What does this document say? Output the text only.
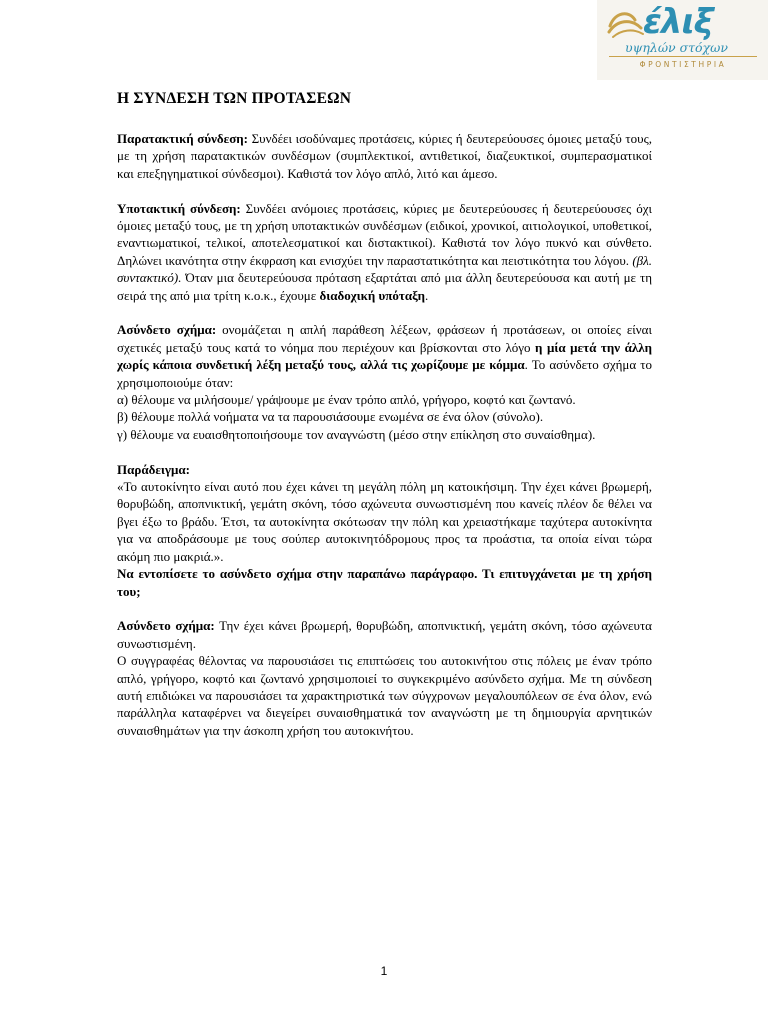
έλιξ
υψηλών στόχων
ΦΡΟΝΤΙΣΤΗΡΙΑ
Η ΣΥΝΔΕΣΗ ΤΩΝ ΠΡΟΤΑΣΕΩΝ

Παρατακτική σύνδεση: Συνδέει ισοδύναμες προτάσεις, κύριες ή δευτερεύουσες όμοιες μεταξύ τους, με τη χρήση παρατακτικών συνδέσμων (συμπλεκτικοί, αντιθετικοί, διαζευκτικοί, συμπερασματικοί και επεξηγηματικοί σύνδεσμοι). Καθιστά τον λόγο απλό, λιτό και άμεσο.

Υποτακτική σύνδεση: Συνδέει ανόμοιες προτάσεις, κύριες με δευτερεύουσες ή δευτερεύουσες όχι όμοιες μεταξύ τους, με τη χρήση υποτακτικών συνδέσμων (ειδικοί, χρονικοί, αιτιολογικοί, υποθετικοί, εναντιωματικοί, τελικοί, αποτελεσματικοί και διστακτικοί). Καθιστά τον λόγο πυκνό και σύνθετο. Δηλώνει ικανότητα στην έκφραση και ενισχύει την παραστατικότητα και πειστικότητα του λόγου. (βλ. συντακτικό). Όταν μια δευτερεύουσα πρόταση εξαρτάται από μια άλλη δευτερεύουσα και αυτή με τη σειρά της από μια τρίτη κ.ο.κ., έχουμε διαδοχική υπόταξη.

Ασύνδετο σχήμα: ονομάζεται η απλή παράθεση λέξεων, φράσεων ή προτάσεων, οι οποίες είναι σχετικές μεταξύ τους κατά το νόημα που περιέχουν και βρίσκονται στο λόγο η μία μετά την άλλη χωρίς κάποια συνδετική λέξη μεταξύ τους, αλλά τις χωρίζουμε με κόμμα. Το ασύνδετο σχήμα το χρησιμοποιούμε όταν:

α) θέλουμε να μιλήσουμε/ γράψουμε με έναν τρόπο απλό, γρήγορο, κοφτό και ζωντανό.

β) θέλουμε πολλά νοήματα να τα παρουσιάσουμε ενωμένα σε ένα όλον (σύνολο).

γ) θέλουμε να ευαισθητοποιήσουμε τον αναγνώστη (μέσο στην επίκληση στο συναίσθημα).

Παράδειγμα:

«Το αυτοκίνητο είναι αυτό που έχει κάνει τη μεγάλη πόλη μη κατοικήσιμη. Την έχει κάνει βρωμερή, θορυβώδη, αποπνικτική, γεμάτη σκόνη, τόσο αχώνευτα συνωστισμένη που κανείς πλέον δε θέλει να βγει έξω το βράδυ. Έτσι, τα αυτοκίνητα σκότωσαν την πόλη και χρειαστήκαμε ταχύτερα αυτοκίνητα για να αποδράσουμε με τους σούπερ αυτοκινητόδρομους προς τα προάστια, τα οποία είναι τώρα ακόμη πιο μακριά.».

Να εντοπίσετε το ασύνδετο σχήμα στην παραπάνω παράγραφο. Τι επιτυγχάνεται με τη χρήση του;

Ασύνδετο σχήμα: Την έχει κάνει βρωμερή, θορυβώδη, αποπνικτική, γεμάτη σκόνη, τόσο αχώνευτα συνωστισμένη.

Ο συγγραφέας θέλοντας να παρουσιάσει τις επιπτώσεις του αυτοκινήτου στις πόλεις με έναν τρόπο απλό, γρήγορο, κοφτό και ζωντανό χρησιμοποιεί το συγκεκριμένο ασύνδετο σχήμα. Με τη σύνδεση αυτή επιδιώκει να παρουσιάσει τα χαρακτηριστικά των σύγχρονων μεγαλουπόλεων σε ένα όλον, ενώ παράλληλα καταφέρνει να διεγείρει συναισθηματικά τον αναγνώστη με τη δημιουργία αρνητικών συναισθημάτων για την άσκοπη χρήση του αυτοκινήτου.

1
